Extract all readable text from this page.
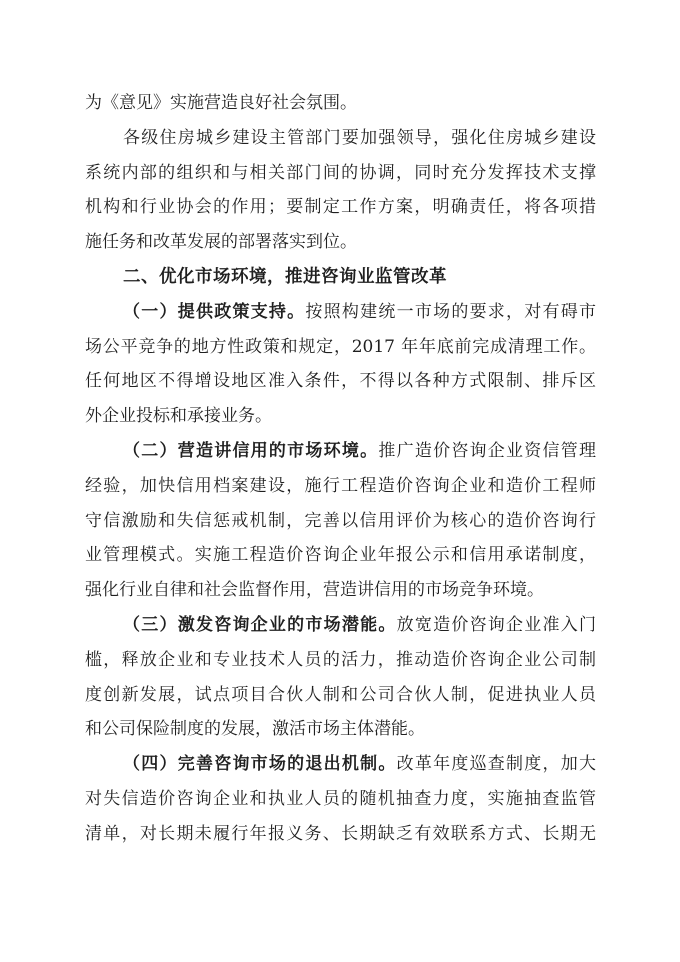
为《意见》实施营造良好社会氛围。
各级住房城乡建设主管部门要加强领导，强化住房城乡建设
系统内部的组织和与相关部门间的协调，同时充分发挥技术支撑
机构和行业协会的作用；要制定工作方案，明确责任，将各项措
施任务和改革发展的部署落实到位。
二、优化市场环境，推进咨询业监管改革
（一）提供政策支持。按照构建统一市场的要求，对有碍市
场公平竞争的地方性政策和规定，2017 年年底前完成清理工作。
任何地区不得增设地区准入条件，不得以各种方式限制、排斥区
外企业投标和承接业务。
（二）营造讲信用的市场环境。推广造价咨询企业资信管理
经验，加快信用档案建设，施行工程造价咨询企业和造价工程师
守信激励和失信惩戒机制，完善以信用评价为核心的造价咨询行
业管理模式。实施工程造价咨询企业年报公示和信用承诺制度，
强化行业自律和社会监督作用，营造讲信用的市场竞争环境。
（三）激发咨询企业的市场潜能。放宽造价咨询企业准入门
槛，释放企业和专业技术人员的活力，推动造价咨询企业公司制
度创新发展，试点项目合伙人制和公司合伙人制，促进执业人员
和公司保险制度的发展，激活市场主体潜能。
（四）完善咨询市场的退出机制。改革年度巡查制度，加大
对失信造价咨询企业和执业人员的随机抽查力度，实施抽查监管
清单，对长期未履行年报义务、长期缺乏有效联系方式、长期无
